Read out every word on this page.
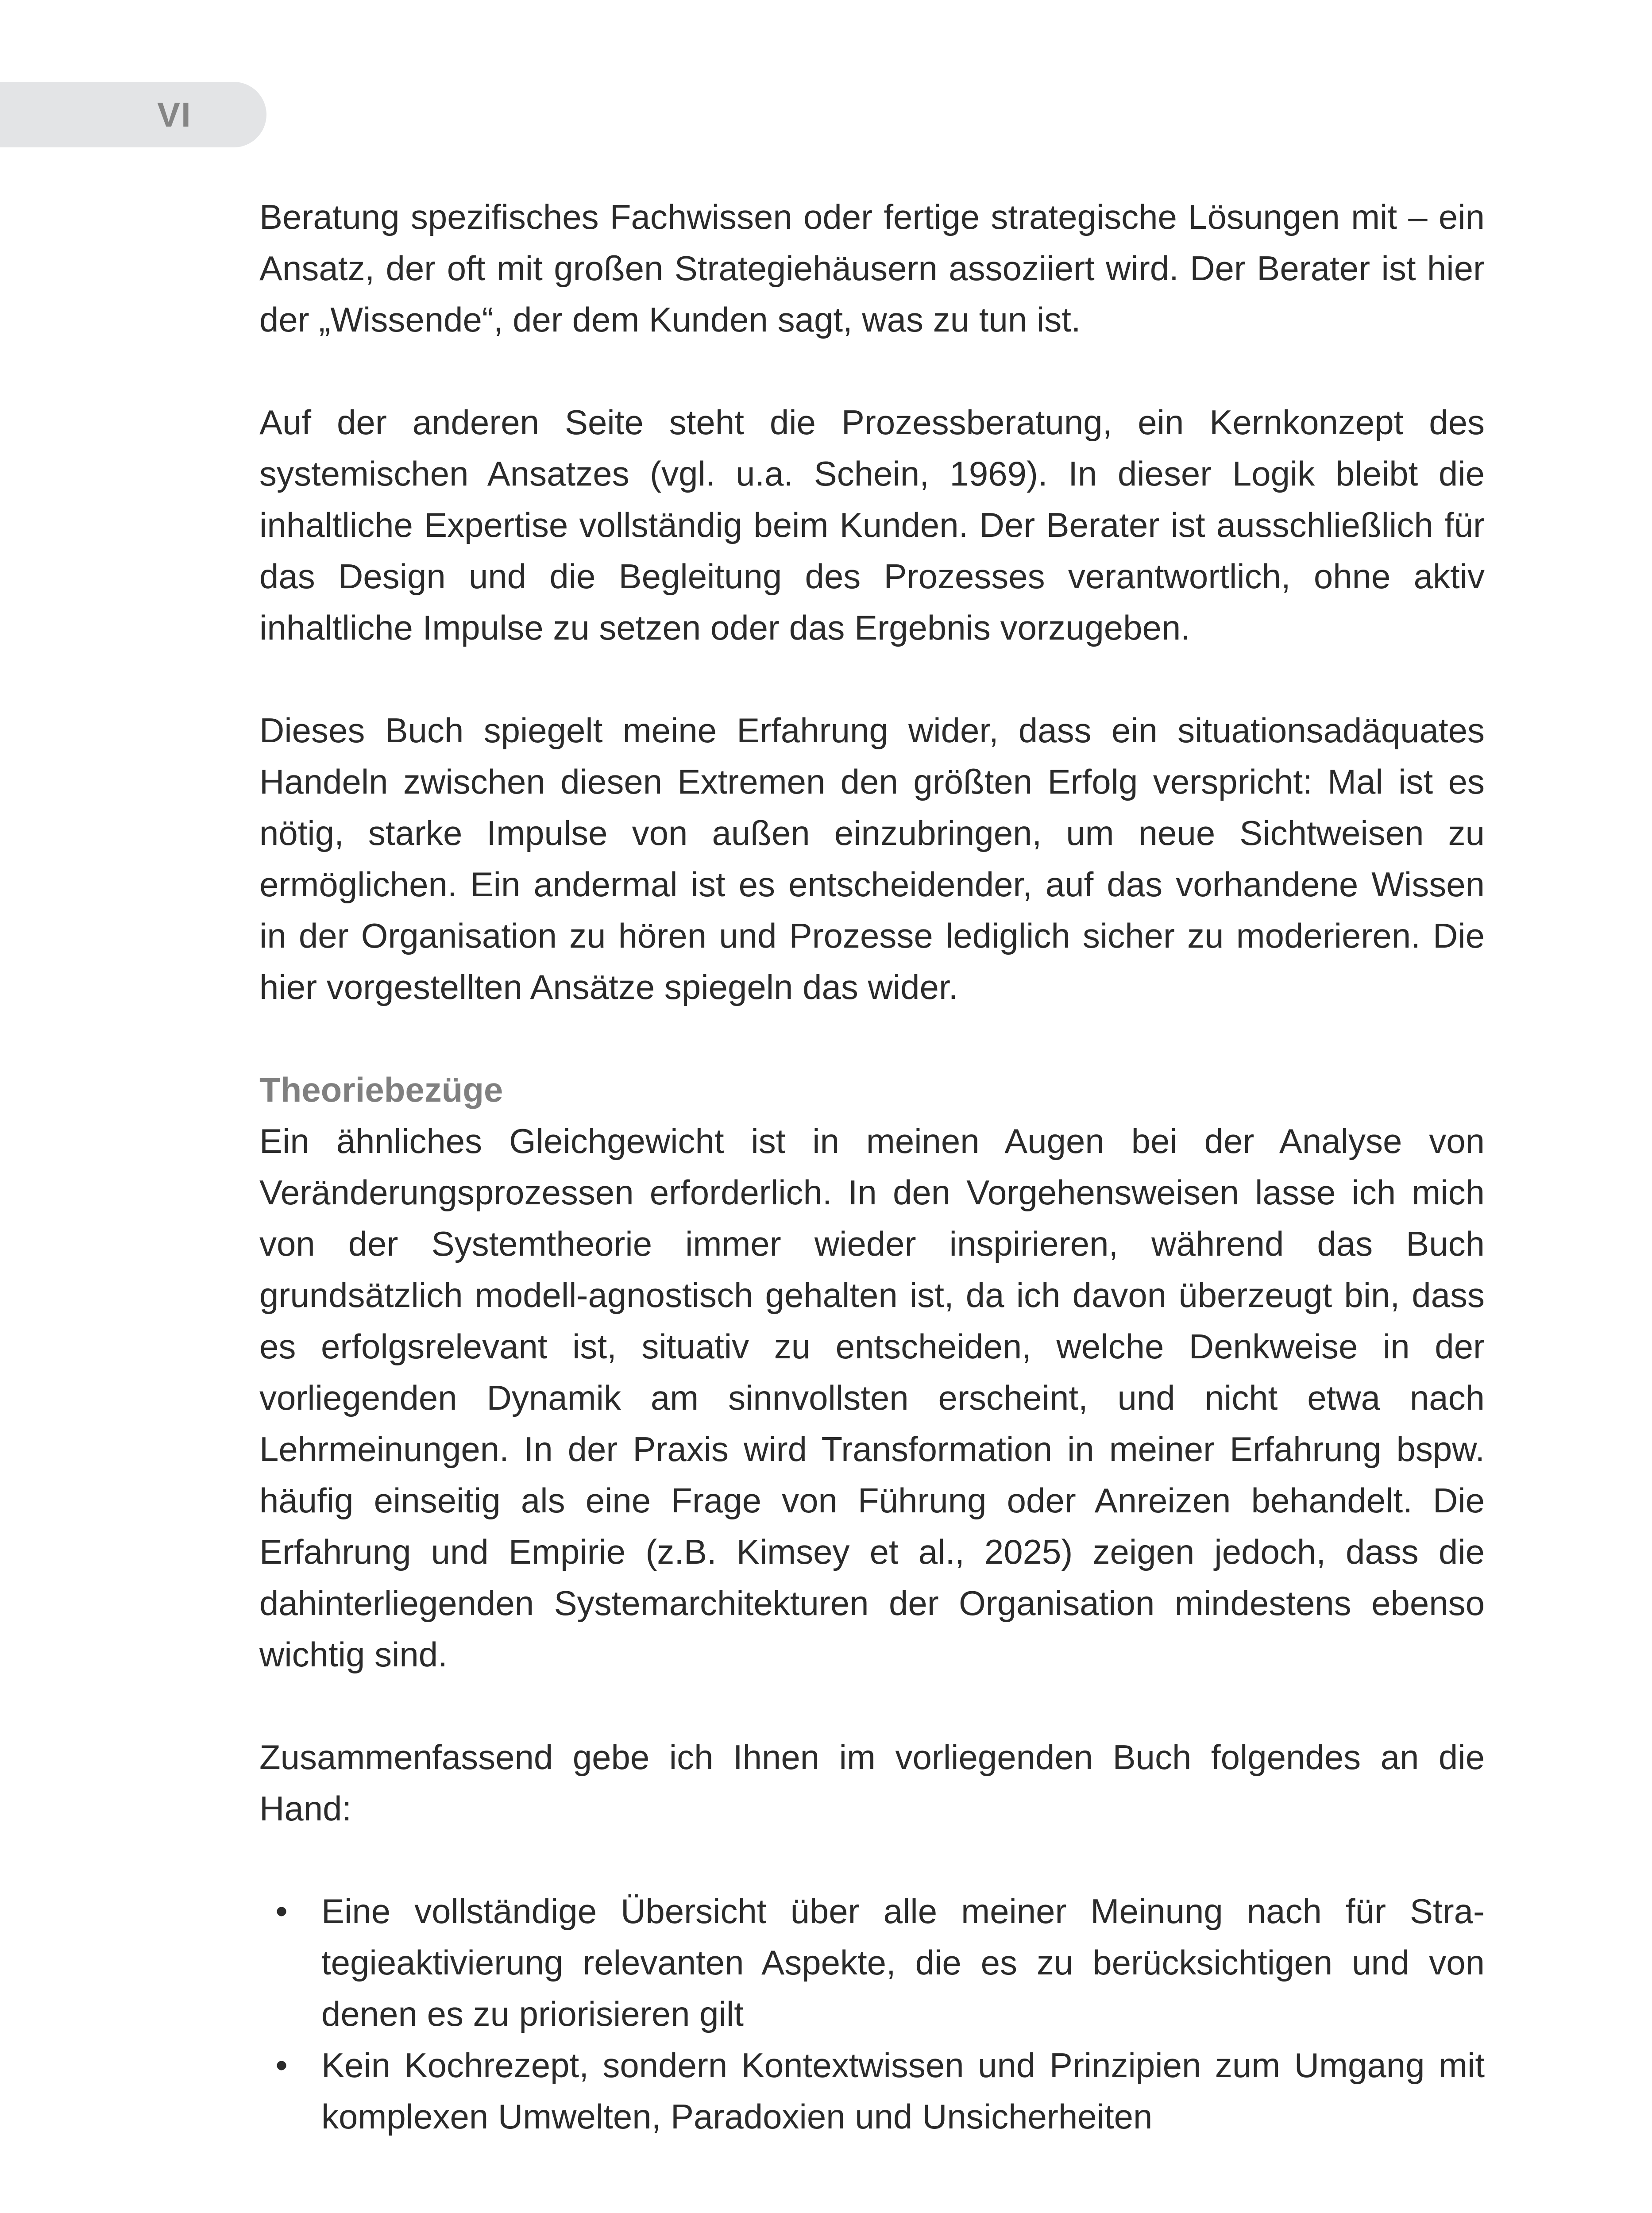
VI

Beratung spezifisches Fachwissen oder fertige strategische Lösungen mit – ein Ansatz, der oft mit großen Strategiehäusern assoziiert wird. Der Berater ist hier der „Wissende“, der dem Kunden sagt, was zu tun ist.

Auf der anderen Seite steht die Prozessberatung, ein Kernkonzept des systemischen Ansatzes (vgl. u.a. Schein, 1969). In dieser Logik bleibt die inhaltliche Expertise vollständig beim Kunden. Der Berater ist ausschließlich für das Design und die Begleitung des Prozesses verantwortlich, ohne aktiv inhaltliche Impulse zu setzen oder das Ergebnis vorzugeben.

Dieses Buch spiegelt meine Erfahrung wider, dass ein situationsadäquates Handeln zwischen diesen Extremen den größten Erfolg verspricht: Mal ist es nötig, starke Impulse von außen einzubringen, um neue Sichtweisen zu ermöglichen. Ein andermal ist es entscheidender, auf das vorhandene Wissen in der Organisation zu hören und Prozesse lediglich sicher zu moderieren. Die hier vorgestellten Ansätze spiegeln das wider.

Theoriebezüge

Ein ähnliches Gleichgewicht ist in meinen Augen bei der Analyse von Veränderungsprozessen erforderlich. In den Vorgehensweisen lasse ich mich von der Systemtheorie immer wieder inspirieren, während das Buch grundsätzlich modell-agnostisch gehalten ist, da ich davon überzeugt bin, dass es erfolgsrelevant ist, situativ zu entscheiden, welche Denkweise in der vorliegenden Dynamik am sinnvollsten erscheint, und nicht etwa nach Lehrmeinungen. In der Praxis wird Transformation in meiner Erfahrung bspw. häufig einseitig als eine Frage von Führung oder Anreizen behandelt. Die Erfahrung und Empirie (z.B. Kimsey et al., 2025) zeigen jedoch, dass die dahinterliegenden Systemarchitekturen der Organisation mindestens ebenso wichtig sind.

Zusammenfassend gebe ich Ihnen im vorliegenden Buch folgendes an die Hand:

• Eine vollständige Übersicht über alle meiner Meinung nach für Strategieaktivierung relevanten Aspekte, die es zu berücksichtigen und von denen es zu priorisieren gilt
• Kein Kochrezept, sondern Kontextwissen und Prinzipien zum Umgang mit komplexen Umwelten, Paradoxien und Unsicherheiten
